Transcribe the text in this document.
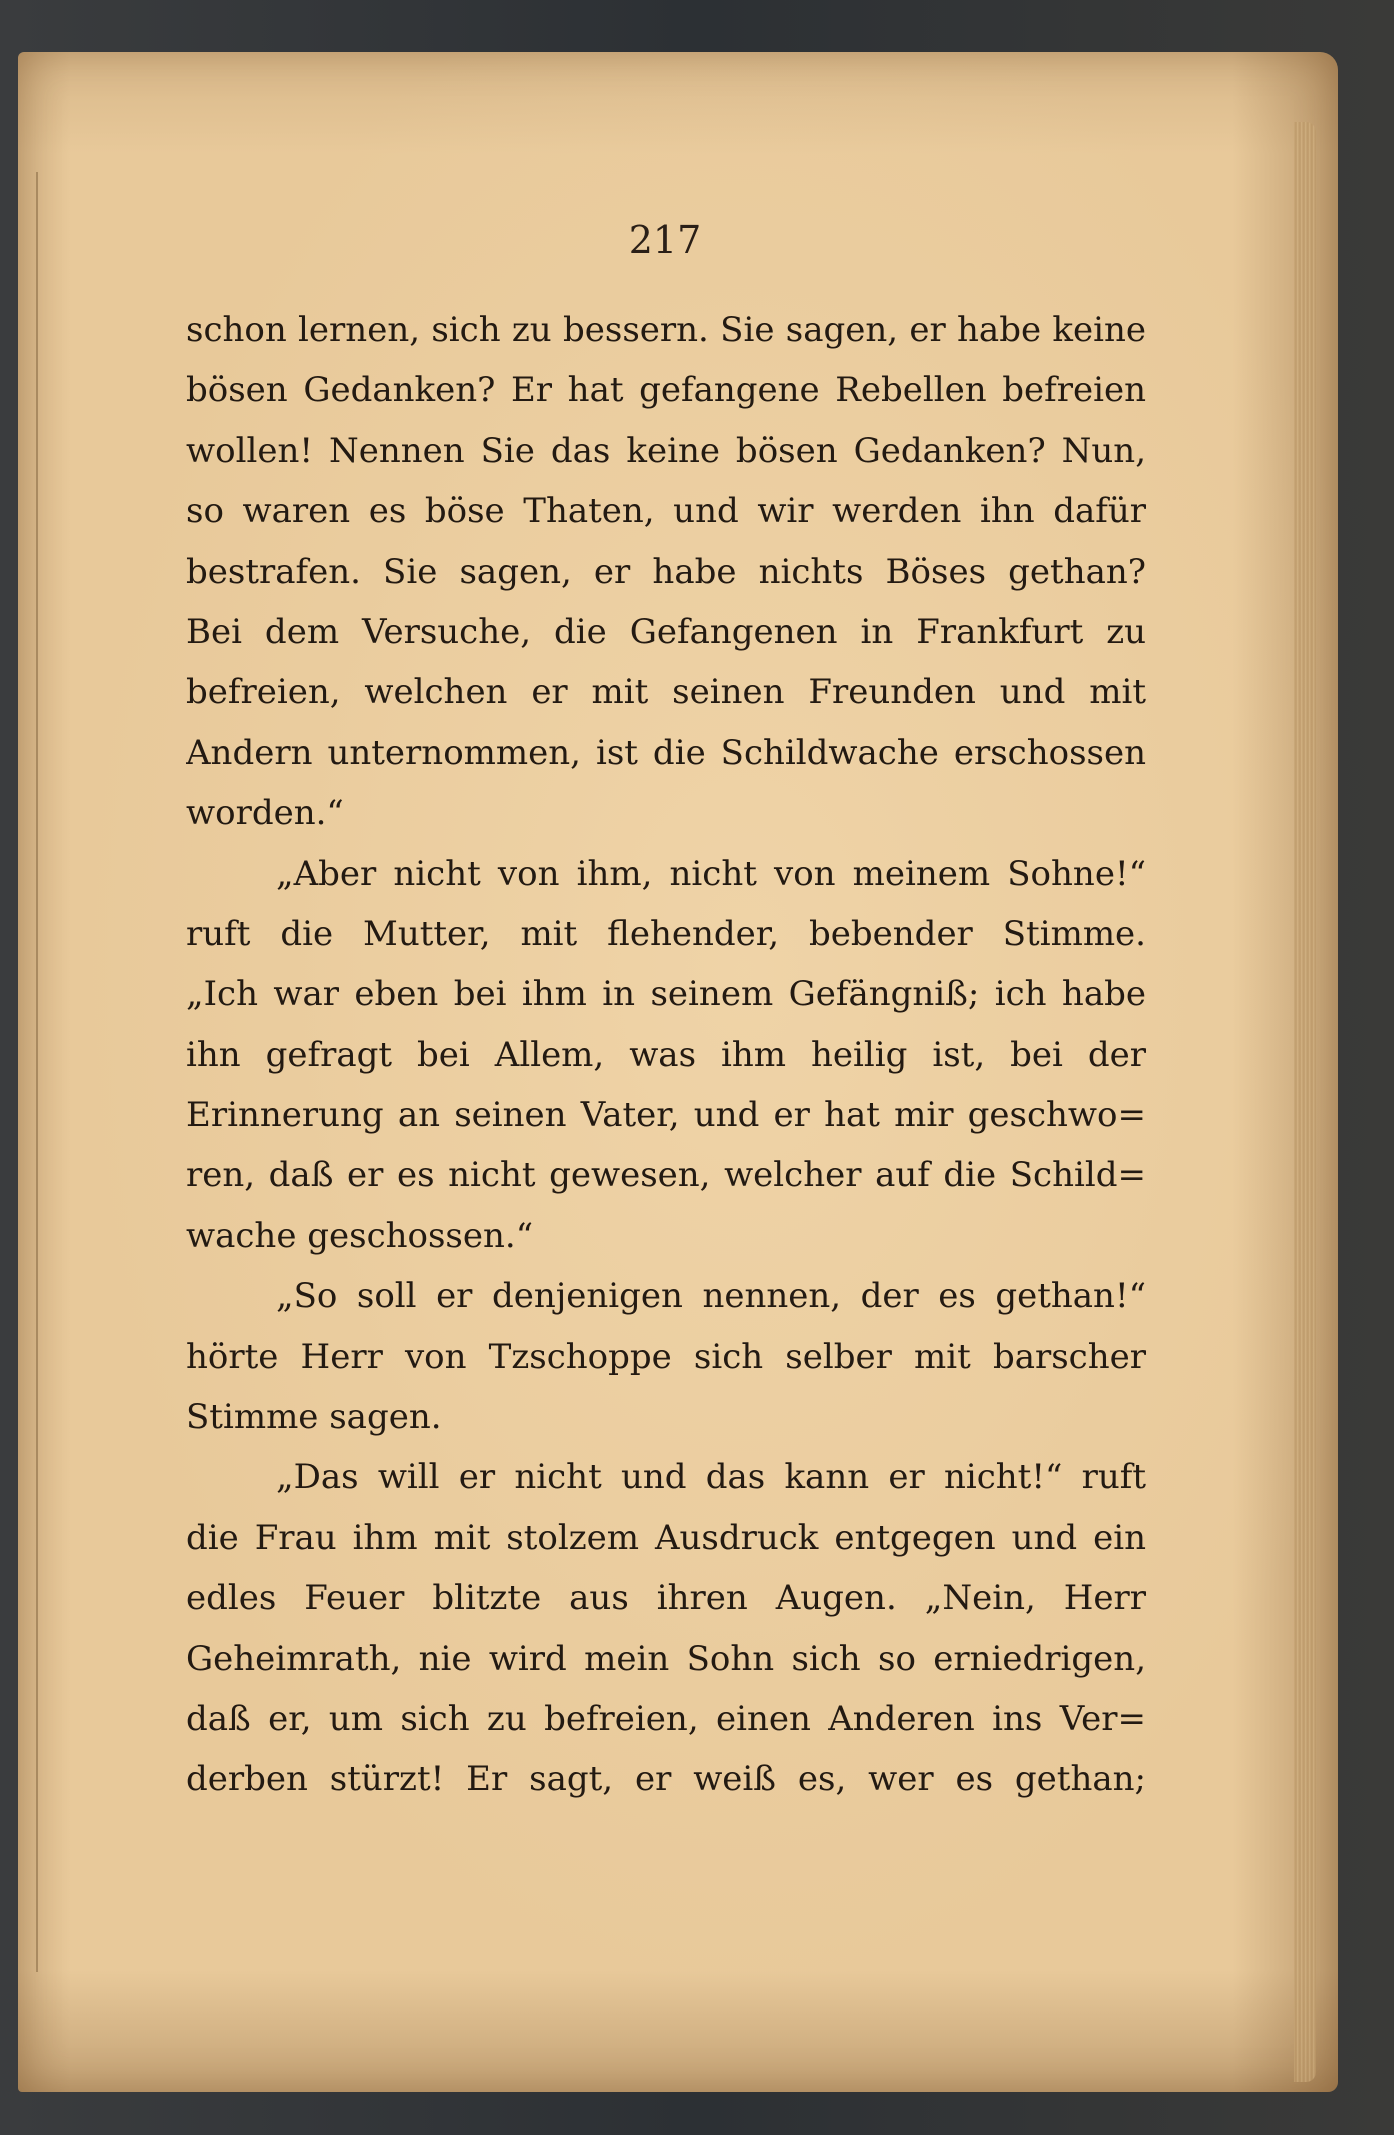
217
schon lernen, sich zu bessern. Sie sagen, er habe keine
bösen Gedanken? Er hat gefangene Rebellen befreien
wollen! Nennen Sie das keine bösen Gedanken? Nun,
so waren es böse Thaten, und wir werden ihn dafür
bestrafen. Sie sagen, er habe nichts Böses gethan?
Bei dem Versuche, die Gefangenen in Frankfurt zu
befreien, welchen er mit seinen Freunden und mit
Andern unternommen, ist die Schildwache erschossen
worden.“
„Aber nicht von ihm, nicht von meinem Sohne!“
ruft die Mutter, mit flehender, bebender Stimme.
„Ich war eben bei ihm in seinem Gefängniß; ich habe
ihn gefragt bei Allem, was ihm heilig ist, bei der
Erinnerung an seinen Vater, und er hat mir geschwo=
ren, daß er es nicht gewesen, welcher auf die Schild=
wache geschossen.“
„So soll er denjenigen nennen, der es gethan!“
hörte Herr von Tzschoppe sich selber mit barscher
Stimme sagen.
„Das will er nicht und das kann er nicht!“ ruft
die Frau ihm mit stolzem Ausdruck entgegen und ein
edles Feuer blitzte aus ihren Augen. „Nein, Herr
Geheimrath, nie wird mein Sohn sich so erniedrigen,
daß er, um sich zu befreien, einen Anderen ins Ver=
derben stürzt! Er sagt, er weiß es, wer es gethan;
